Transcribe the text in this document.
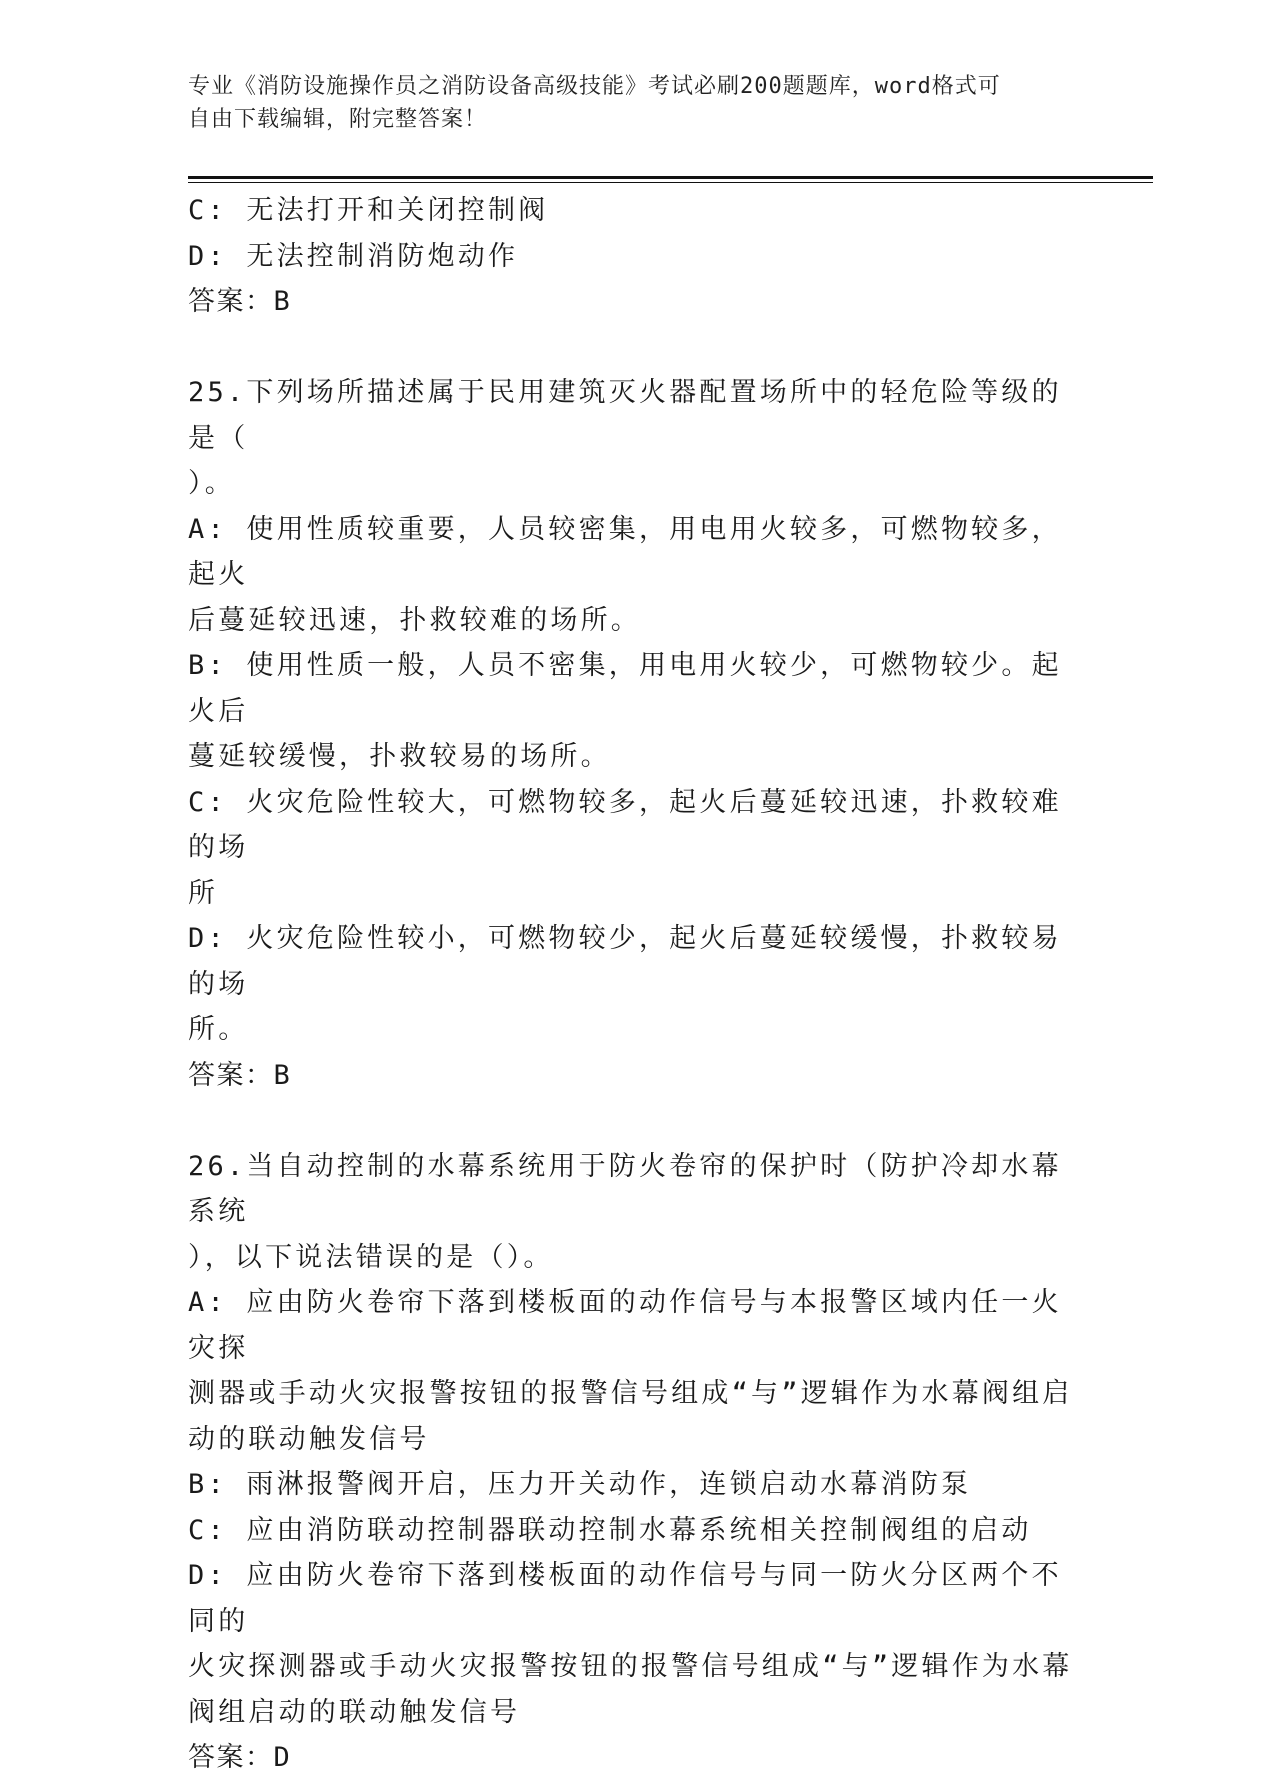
专业《消防设施操作员之消防设备高级技能》考试必刷200题题库，word格式可
自由下载编辑，附完整答案！
C: 无法打开和关闭控制阀
D: 无法控制消防炮动作
答案：B
25.下列场所描述属于民用建筑灭火器配置场所中的轻危险等级的是（
）。
A: 使用性质较重要，人员较密集，用电用火较多，可燃物较多，起火
后蔓延较迅速，扑救较难的场所。
B: 使用性质一般，人员不密集，用电用火较少，可燃物较少。起火后
蔓延较缓慢，扑救较易的场所。
C: 火灾危险性较大，可燃物较多，起火后蔓延较迅速，扑救较难的场
所
D: 火灾危险性较小，可燃物较少，起火后蔓延较缓慢，扑救较易的场
所。
答案：B
26.当自动控制的水幕系统用于防火卷帘的保护时（防护冷却水幕系统
），以下说法错误的是（）。
A: 应由防火卷帘下落到楼板面的动作信号与本报警区域内任一火灾探
测器或手动火灾报警按钮的报警信号组成“与”逻辑作为水幕阀组启
动的联动触发信号
B: 雨淋报警阀开启，压力开关动作，连锁启动水幕消防泵
C: 应由消防联动控制器联动控制水幕系统相关控制阀组的启动
D: 应由防火卷帘下落到楼板面的动作信号与同一防火分区两个不同的
火灾探测器或手动火灾报警按钮的报警信号组成“与”逻辑作为水幕
阀组启动的联动触发信号
答案：D
